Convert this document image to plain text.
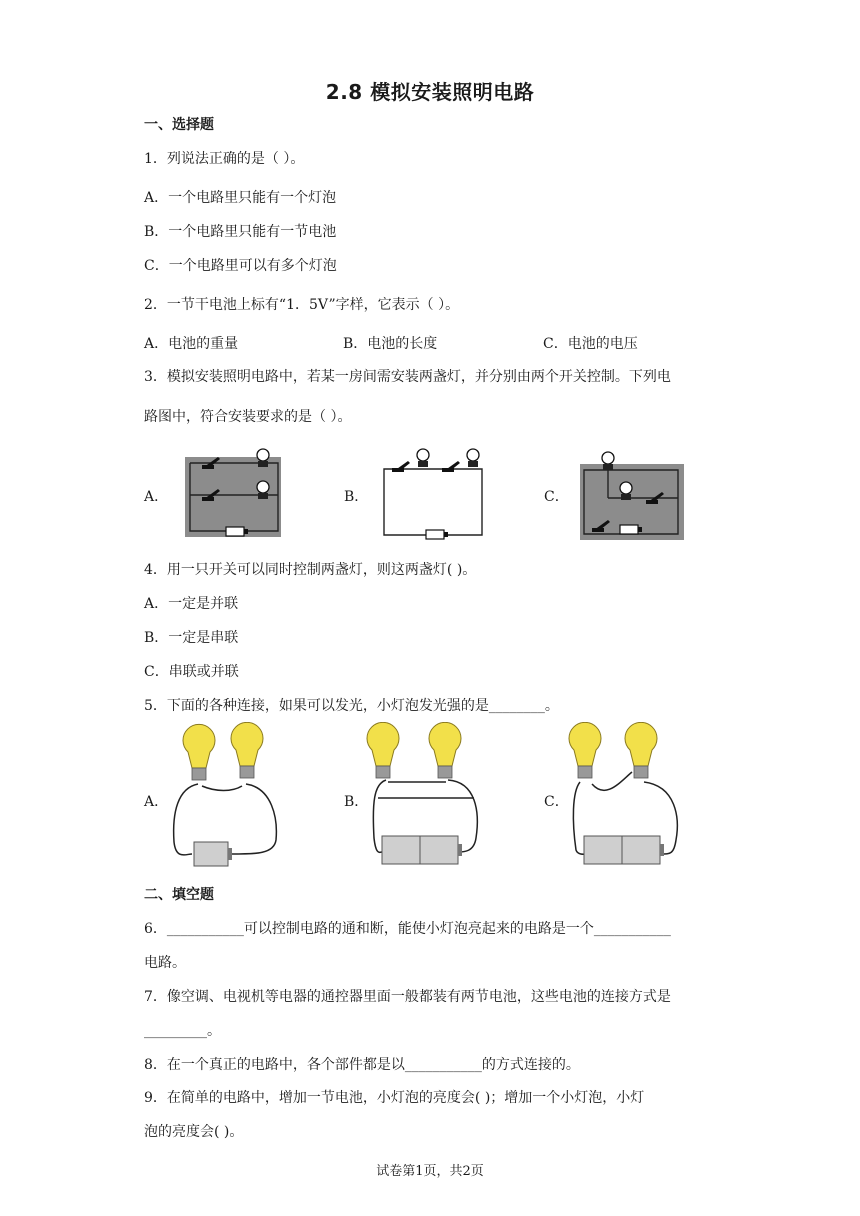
2.8 模拟安装照明电路
一、选择题
1．列说法正确的是（ ）。
A．一个电路里只能有一个灯泡
B．一个电路里只能有一节电池
C．一个电路里可以有多个灯泡
2．一节干电池上标有“1．5V”字样，它表示（ ）。
A．电池的重量	B．电池的长度	C．电池的电压
3．模拟安装照明电路中，若某一房间需安装两盏灯，并分别由两个开关控制。下列电
路图中，符合安装要求的是（ ）。
A．	B．	C．
4．用一只开关可以同时控制两盏灯，则这两盏灯( )。
A．一定是并联
B．一定是串联
C．串联或并联
5．下面的各种连接，如果可以发光，小灯泡发光强的是________。
A．	B．	C．
二、填空题
6．___________可以控制电路的通和断，能使小灯泡亮起来的电路是一个___________
电路。
7．像空调、电视机等电器的通控器里面一般都装有两节电池，这些电池的连接方式是
_________。
8．在一个真正的电路中，各个部件都是以___________的方式连接的。
9．在简单的电路中，增加一节电池，小灯泡的亮度会( )；增加一个小灯泡，小灯
泡的亮度会( )。
试卷第1页，共2页
